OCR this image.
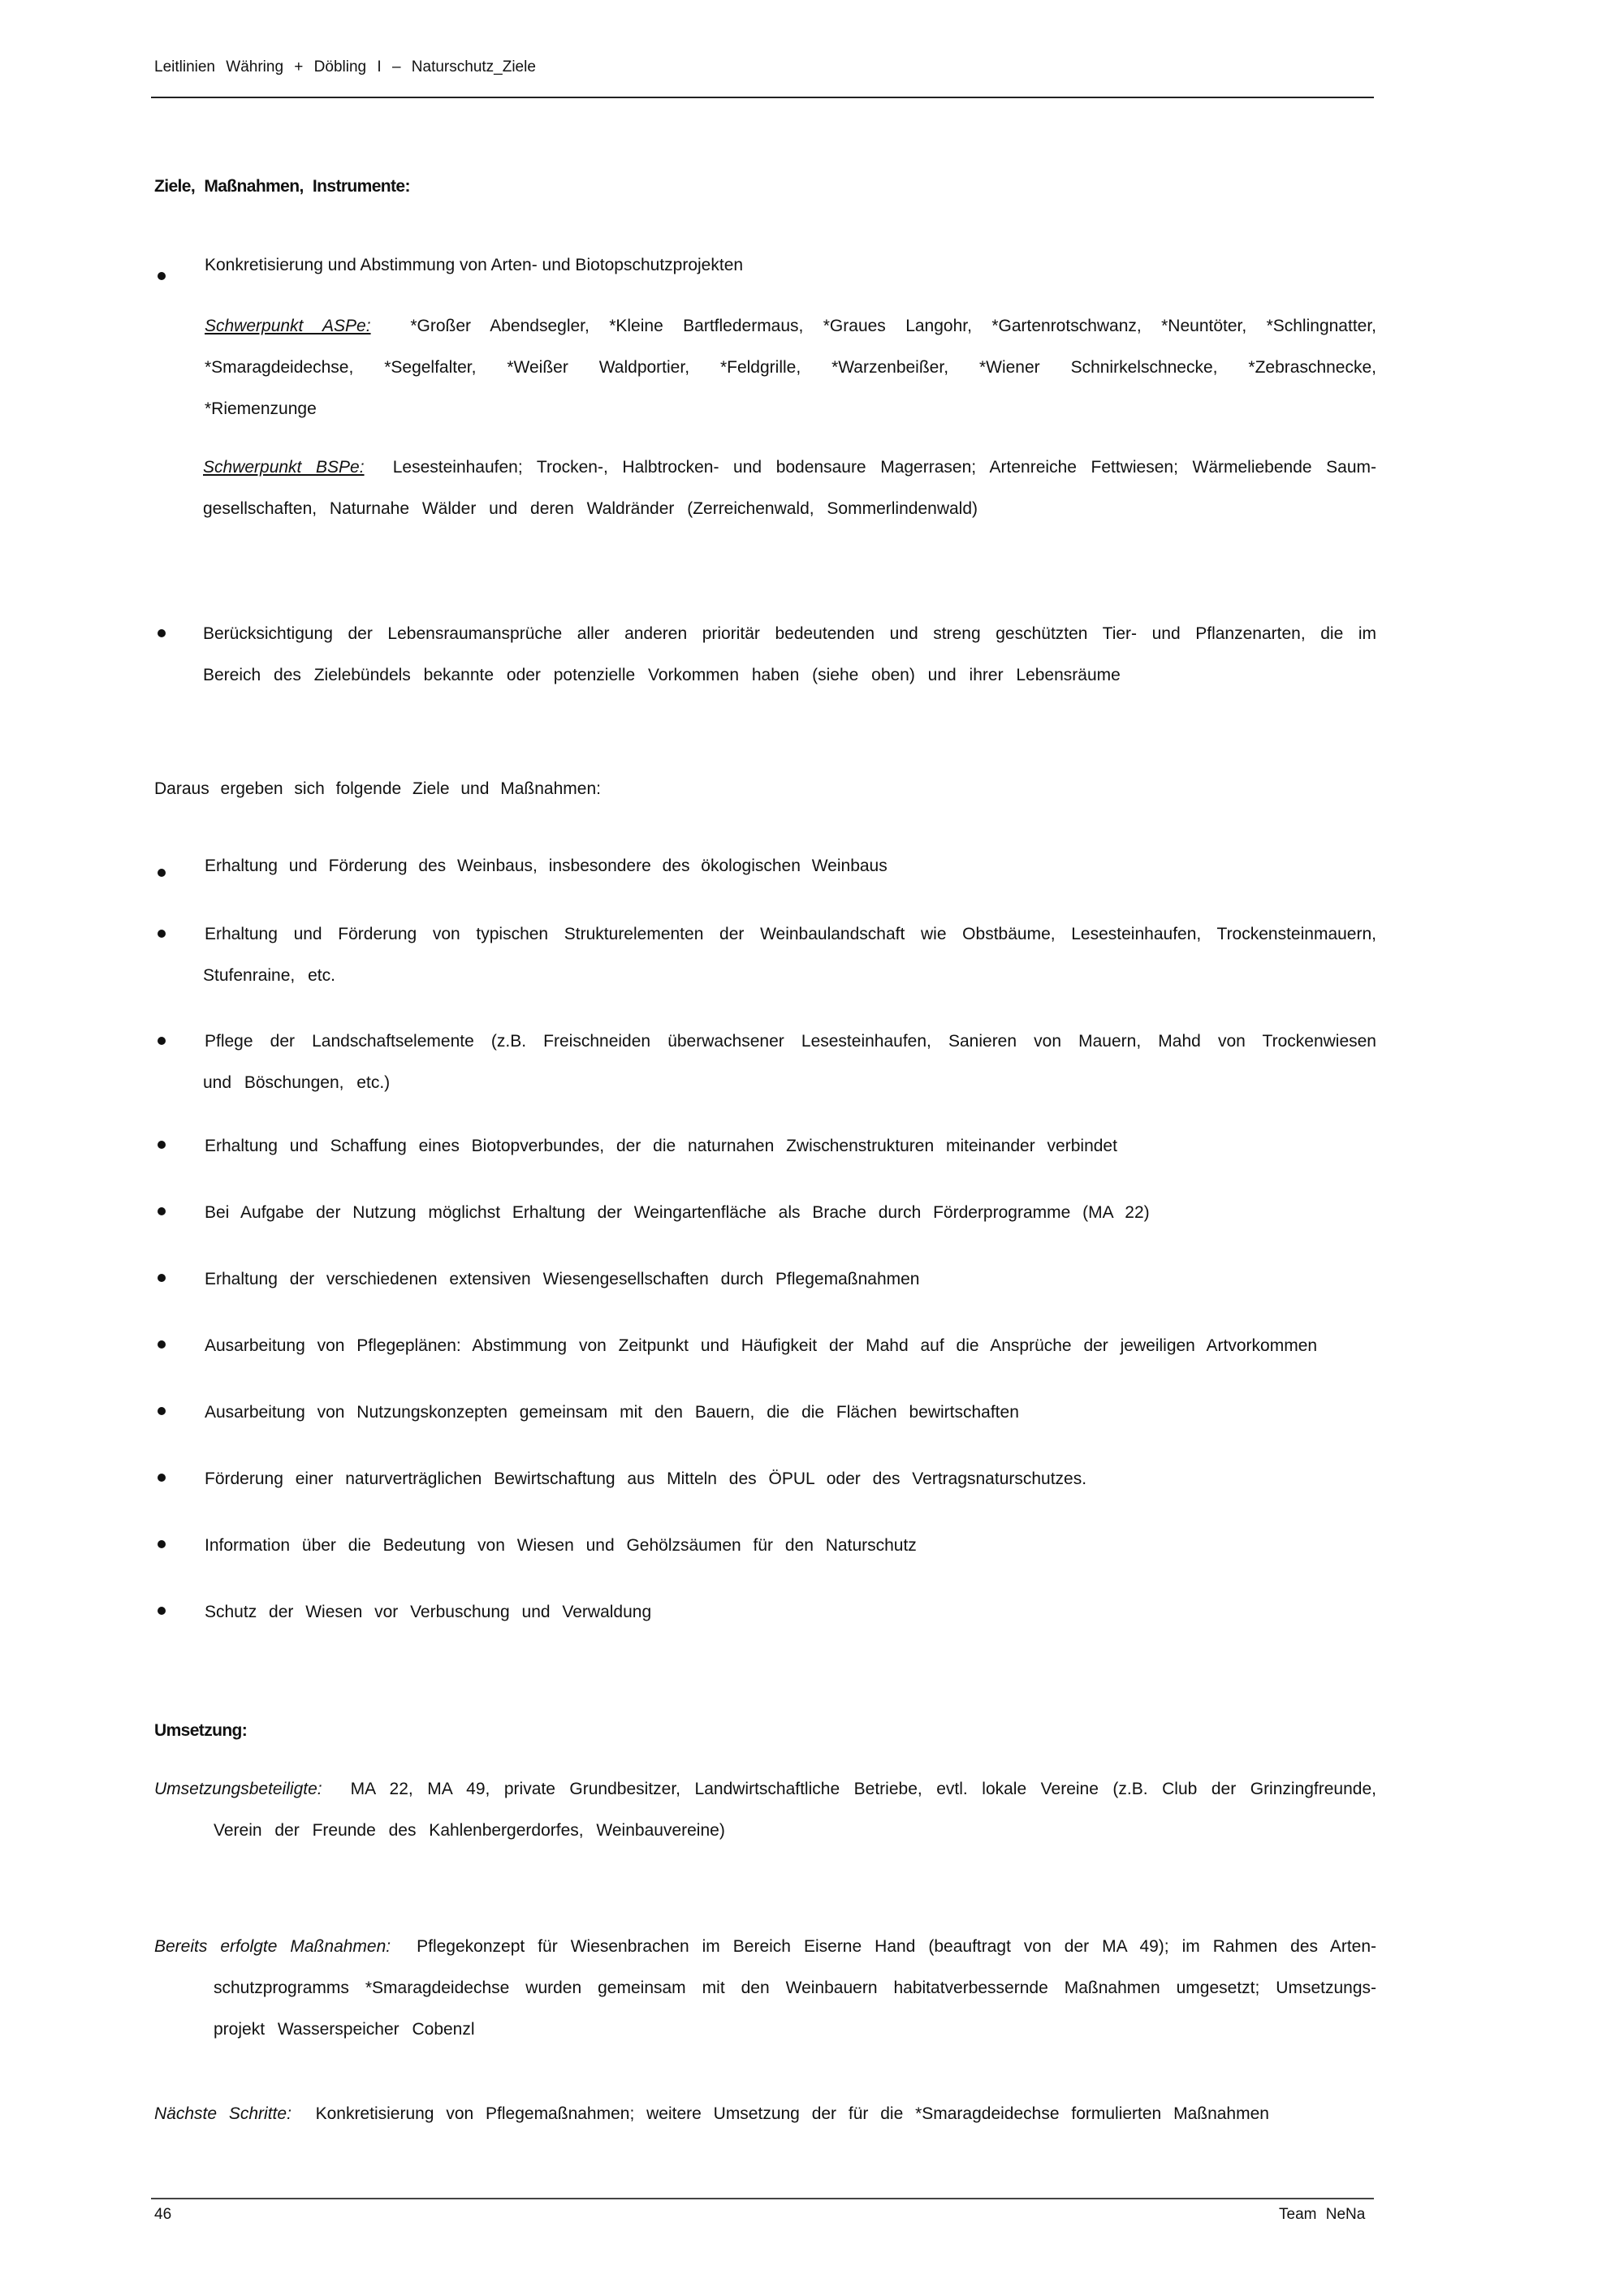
Leitlinien Währing + Döbling I – Naturschutz_Ziele
Ziele, Maßnahmen, Instrumente:
Konkretisierung und Abstimmung von Arten- und Biotopschutzprojekten
Schwerpunkt ASPe: *Großer Abendsegler, *Kleine Bartfledermaus, *Graues Langohr, *Gartenrotschwanz, *Neuntöter, *Schlingnatter,
*Smaragdeidechse, *Segelfalter, *Weißer Waldportier, *Feldgrille, *Warzenbeißer, *Wiener Schnirkelschnecke, *Zebraschnecke,
*Riemenzunge
Schwerpunkt BSPe: Lesesteinhaufen; Trocken-, Halbtrocken- und bodensaure Magerrasen; Artenreiche Fettwiesen; Wärmeliebende Saum-
gesellschaften, Naturnahe Wälder und deren Waldränder (Zerreichenwald, Sommerlindenwald)
Berücksichtigung der Lebensraumansprüche aller anderen prioritär bedeutenden und streng geschützten Tier- und Pflanzenarten, die im
Bereich des Zielebündels bekannte oder potenzielle Vorkommen haben (siehe oben) und ihrer Lebensräume
Daraus ergeben sich folgende Ziele und Maßnahmen:
Erhaltung und Förderung des Weinbaus, insbesondere des ökologischen Weinbaus
Erhaltung und Förderung von typischen Strukturelementen der Weinbaulandschaft wie Obstbäume, Lesesteinhaufen, Trockensteinmauern,
Stufenraine, etc.
Pflege der Landschaftselemente (z.B. Freischneiden überwachsener Lesesteinhaufen, Sanieren von Mauern, Mahd von Trockenwiesen
und Böschungen, etc.)
Erhaltung und Schaffung eines Biotopverbundes, der die naturnahen Zwischenstrukturen miteinander verbindet
Bei Aufgabe der Nutzung möglichst Erhaltung der Weingartenfläche als Brache durch Förderprogramme (MA 22)
Erhaltung der verschiedenen extensiven Wiesengesellschaften durch Pflegemaßnahmen
Ausarbeitung von Pflegeplänen: Abstimmung von Zeitpunkt und Häufigkeit der Mahd auf die Ansprüche der jeweiligen Artvorkommen
Ausarbeitung von Nutzungskonzepten gemeinsam mit den Bauern, die die Flächen bewirtschaften
Förderung einer naturverträglichen Bewirtschaftung aus Mitteln des ÖPUL oder des Vertragsnaturschutzes.
Information über die Bedeutung von Wiesen und Gehölzsäumen für den Naturschutz
Schutz der Wiesen vor Verbuschung und Verwaldung
Umsetzung:
Umsetzungsbeteiligte: MA 22, MA 49, private Grundbesitzer, Landwirtschaftliche Betriebe, evtl. lokale Vereine (z.B. Club der Grinzingfreunde,
Verein der Freunde des Kahlenbergerdorfes, Weinbauvereine)
Bereits erfolgte Maßnahmen: Pflegekonzept für Wiesenbrachen im Bereich Eiserne Hand (beauftragt von der MA 49); im Rahmen des Arten-
schutzprogramms *Smaragdeidechse wurden gemeinsam mit den Weinbauern habitatverbessernde Maßnahmen umgesetzt; Umsetzungs-
projekt Wasserspeicher Cobenzl
Nächste Schritte: Konkretisierung von Pflegemaßnahmen; weitere Umsetzung der für die *Smaragdeidechse formulierten Maßnahmen
46	Team NeNa
